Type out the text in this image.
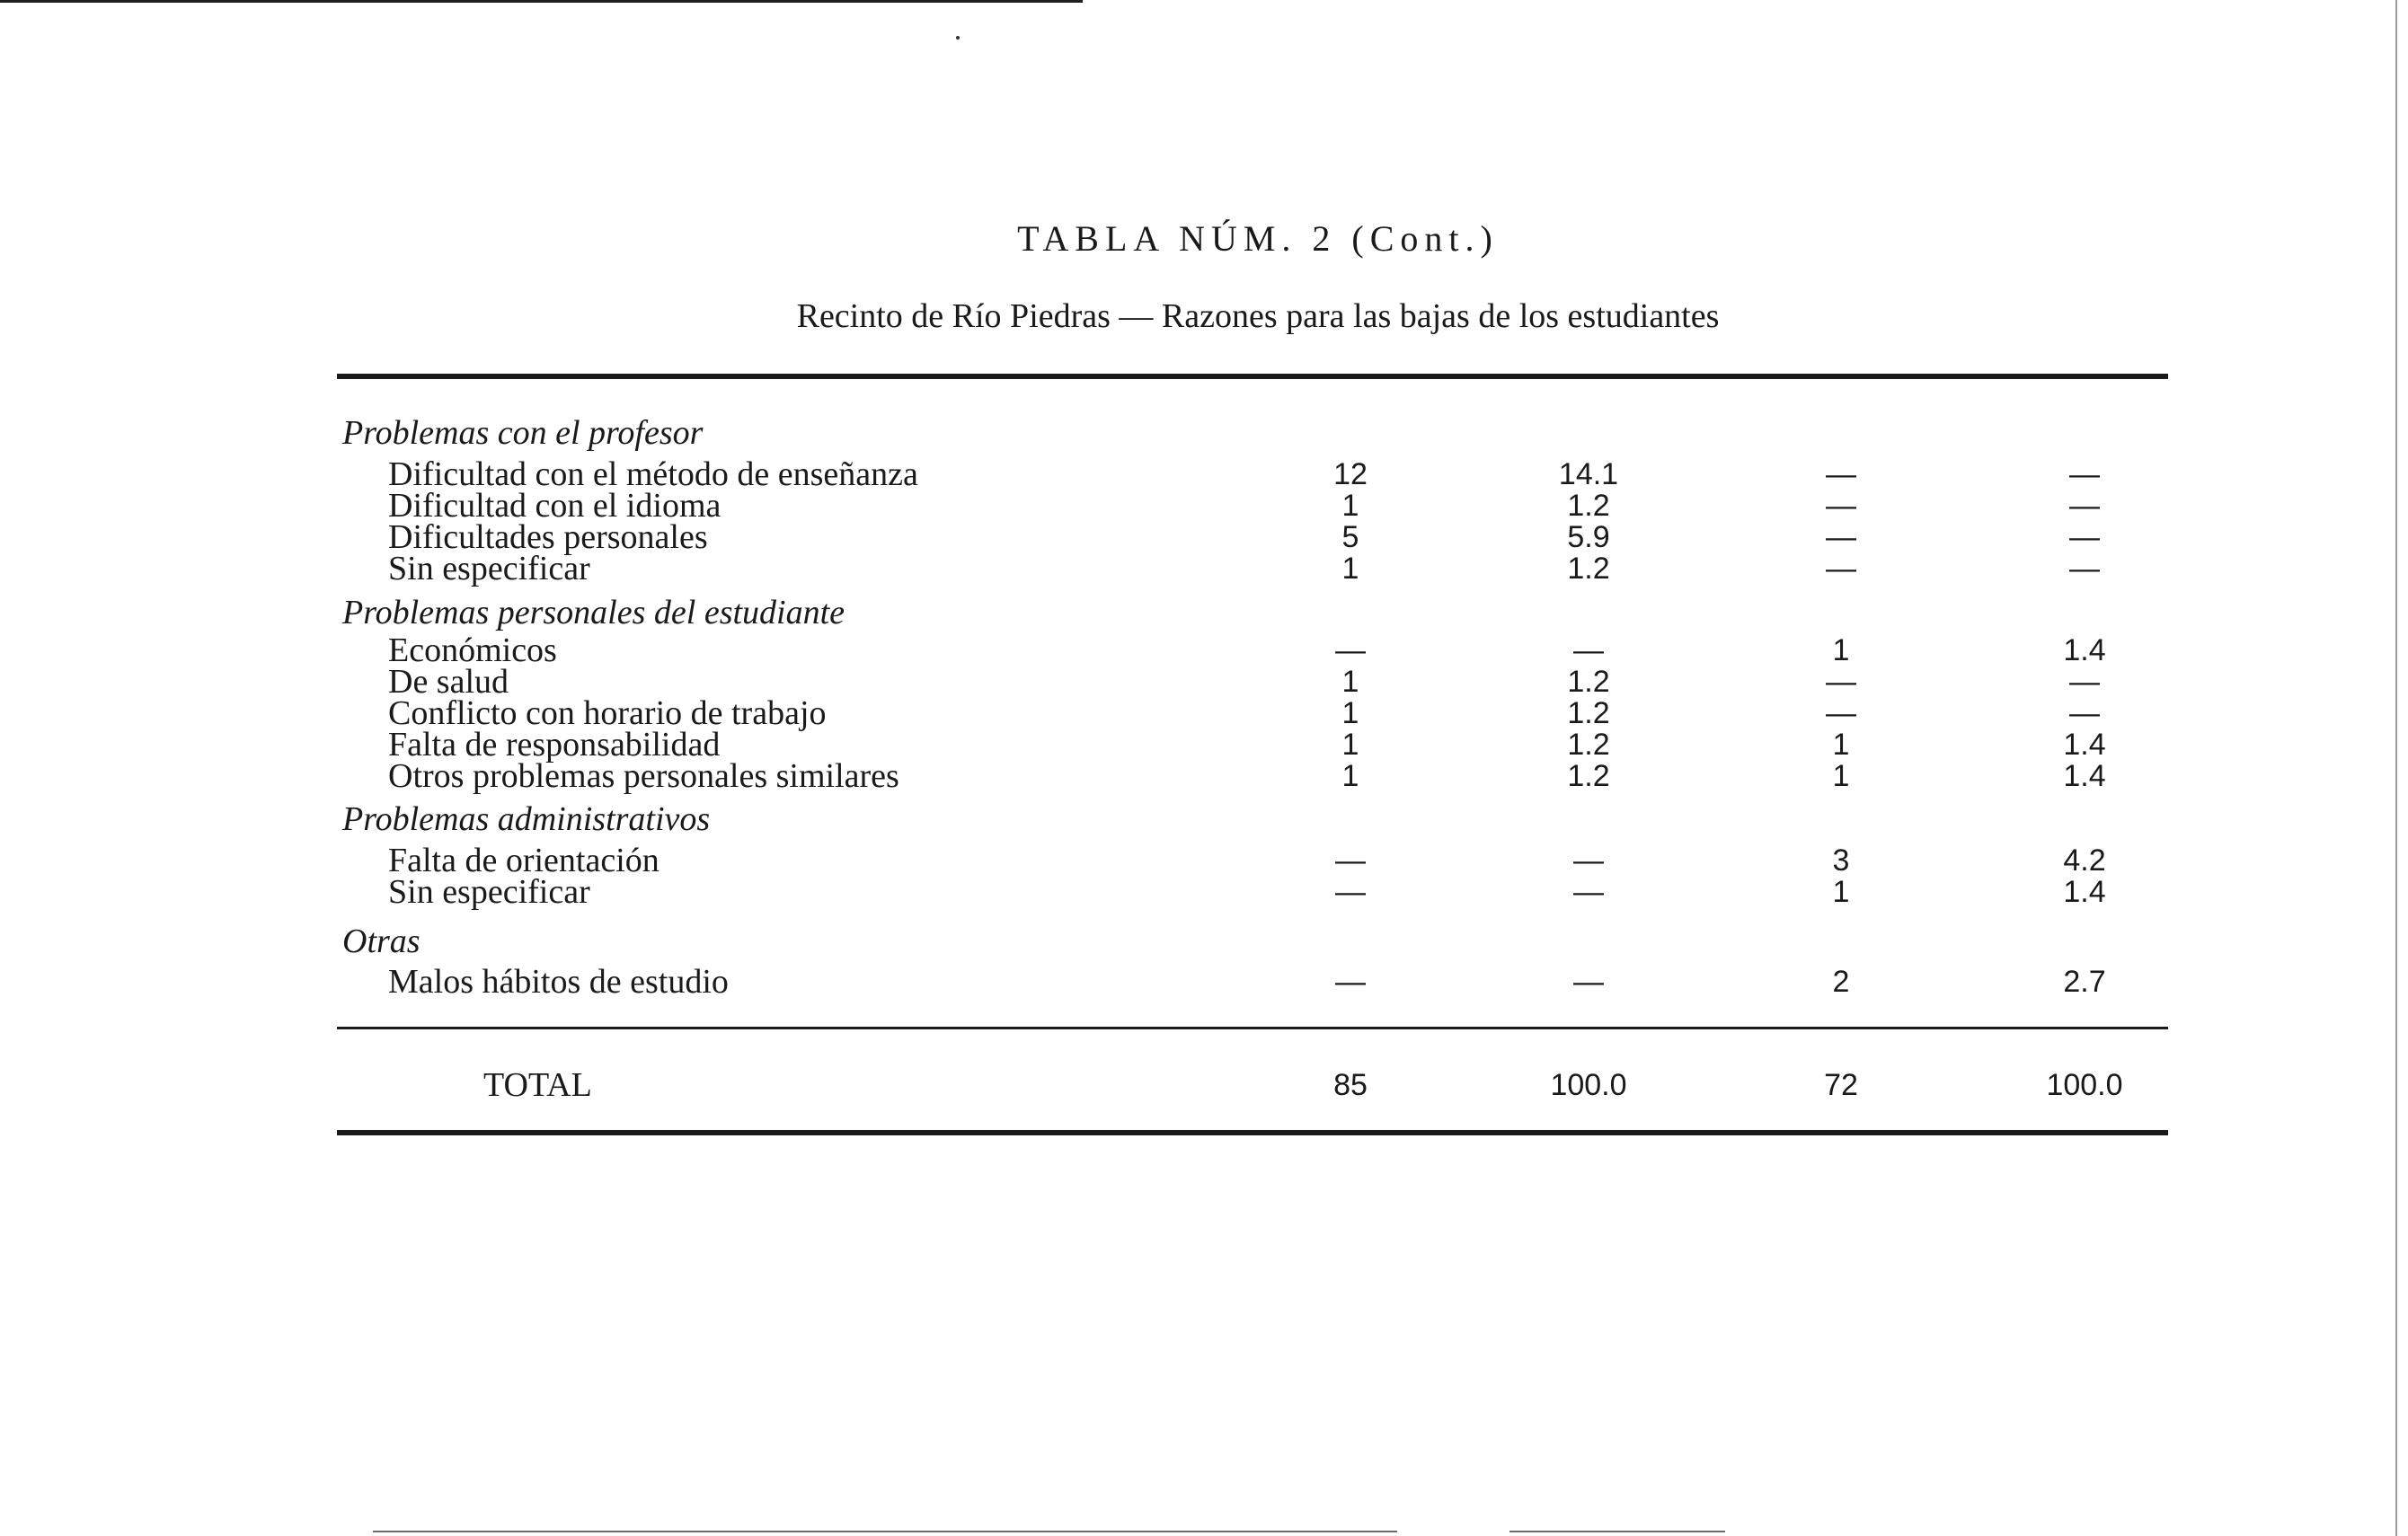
TABLA NÚM. 2 (Cont.)
Recinto de Río Piedras — Razones para las bajas de los estudiantes
Problemas con el profesor
Dificultad con el método de enseñanza	12	14.1	—	—
Dificultad con el idioma	1	1.2	—	—
Dificultades personales	5	5.9	—	—
Sin especificar	1	1.2	—	—
Problemas personales del estudiante
Económicos	—	—	1	1.4
De salud	1	1.2	—	—
Conflicto con horario de trabajo	1	1.2	—	—
Falta de responsabilidad	1	1.2	1	1.4
Otros problemas personales similares	1	1.2	1	1.4
Problemas administrativos
Falta de orientación	—	—	3	4.2
Sin especificar	—	—	1	1.4
Otras
Malos hábitos de estudio	—	—	2	2.7
TOTAL	85	100.0	72	100.0
